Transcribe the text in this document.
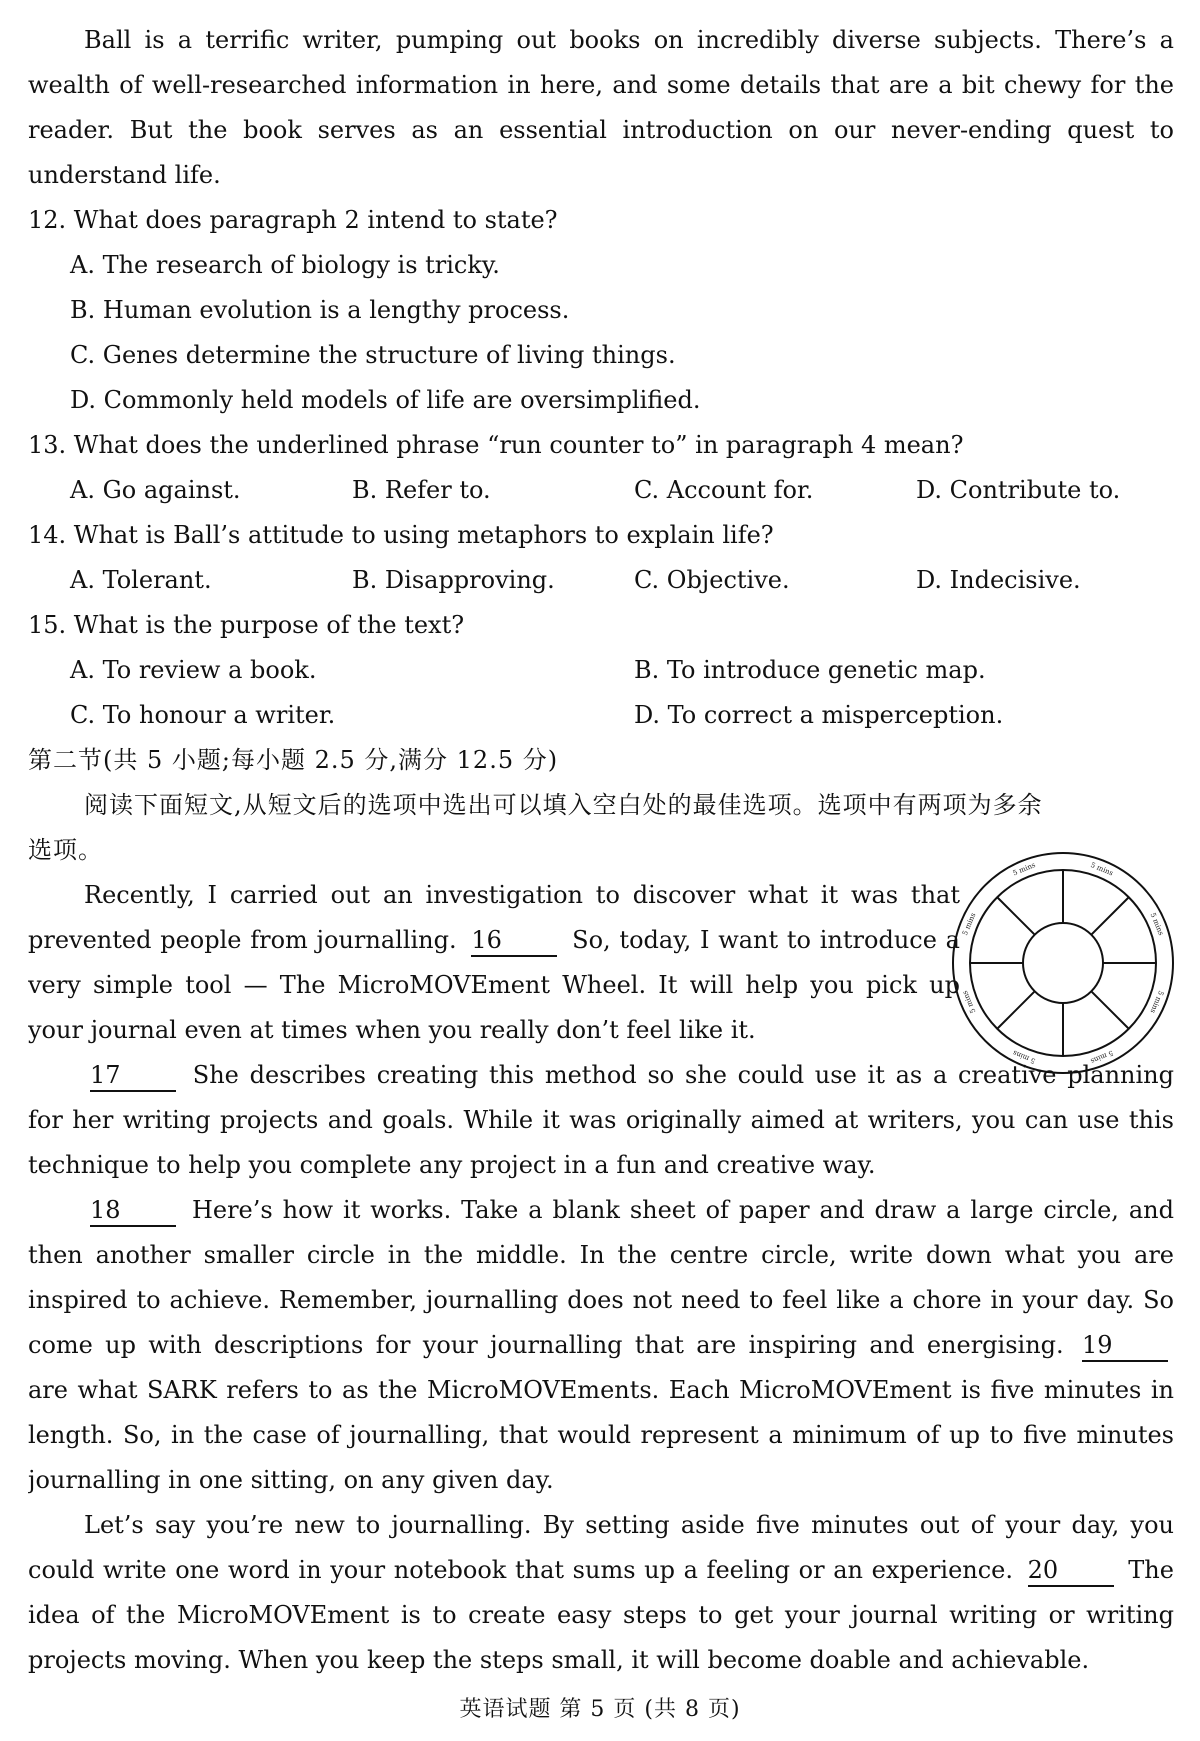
Ball is a terrific writer, pumping out books on incredibly diverse subjects. There’s a
wealth of well-researched information in here, and some details that are a bit chewy for the
reader. But the book serves as an essential introduction on our never-ending quest to
understand life.
12. What does paragraph 2 intend to state?
A. The research of biology is tricky.
B. Human evolution is a lengthy process.
C. Genes determine the structure of living things.
D. Commonly held models of life are oversimplified.
13. What does the underlined phrase “run counter to” in paragraph 4 mean?
A. Go against.	B. Refer to.	C. Account for.	D. Contribute to.
14. What is Ball’s attitude to using metaphors to explain life?
A. Tolerant.	B. Disapproving.	C. Objective.	D. Indecisive.
15. What is the purpose of the text?
A. To review a book.	B. To introduce genetic map.
C. To honour a writer.	D. To correct a misperception.
第二节(共 5 小题;每小题 2.5 分,满分 12.5 分)
阅读下面短文,从短文后的选项中选出可以填入空白处的最佳选项。选项中有两项为多余
选项。
Recently, I carried out an investigation to discover what it was that
prevented people from journalling. 16	So, today, I want to introduce a
very simple tool — The MicroMOVEment Wheel. It will help you pick up
your journal even at times when you really don’t feel like it.
17	She describes creating this method so she could use it as a creative planning
for her writing projects and goals. While it was originally aimed at writers, you can use this
technique to help you complete any project in a fun and creative way.
18	Here’s how it works. Take a blank sheet of paper and draw a large circle, and
then another smaller circle in the middle. In the centre circle, write down what you are
inspired to achieve. Remember, journalling does not need to feel like a chore in your day. So
come up with descriptions for your journalling that are inspiring and energising. 19
are what SARK refers to as the MicroMOVEments. Each MicroMOVEment is five minutes in
length. So, in the case of journalling, that would represent a minimum of up to five minutes
journalling in one sitting, on any given day.
Let’s say you’re new to journalling. By setting aside five minutes out of your day, you
could write one word in your notebook that sums up a feeling or an experience. 20	The
idea of the MicroMOVEment is to create easy steps to get your journal writing or writing
projects moving. When you keep the steps small, it will become doable and achievable.
5 mins
5 mins
5 mins
5 mins
5 mins
5 mins	5 mins
5 mins
英语试题 第 5 页 (共 8 页)
